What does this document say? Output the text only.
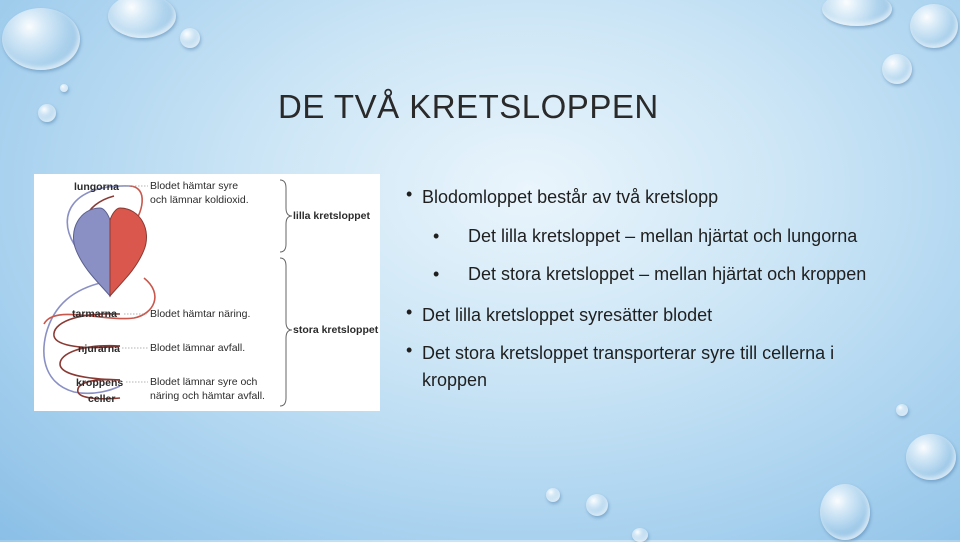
DE TVÅ KRETSLOPPEN
lungorna
tarmarna
njurarna
kroppens
celler
Blodet hämtar syre
och lämnar koldioxid.
Blodet hämtar näring.
Blodet lämnar avfall.
Blodet lämnar syre och
näring och hämtar avfall.
lilla kretsloppet
stora kretsloppet
• Blodomloppet består av två kretslopp
• Det lilla kretsloppet – mellan hjärtat och lungorna
• Det stora kretsloppet – mellan hjärtat och kroppen
• Det lilla kretsloppet syresätter blodet
• Det stora kretsloppet transporterar syre till cellerna i kroppen
